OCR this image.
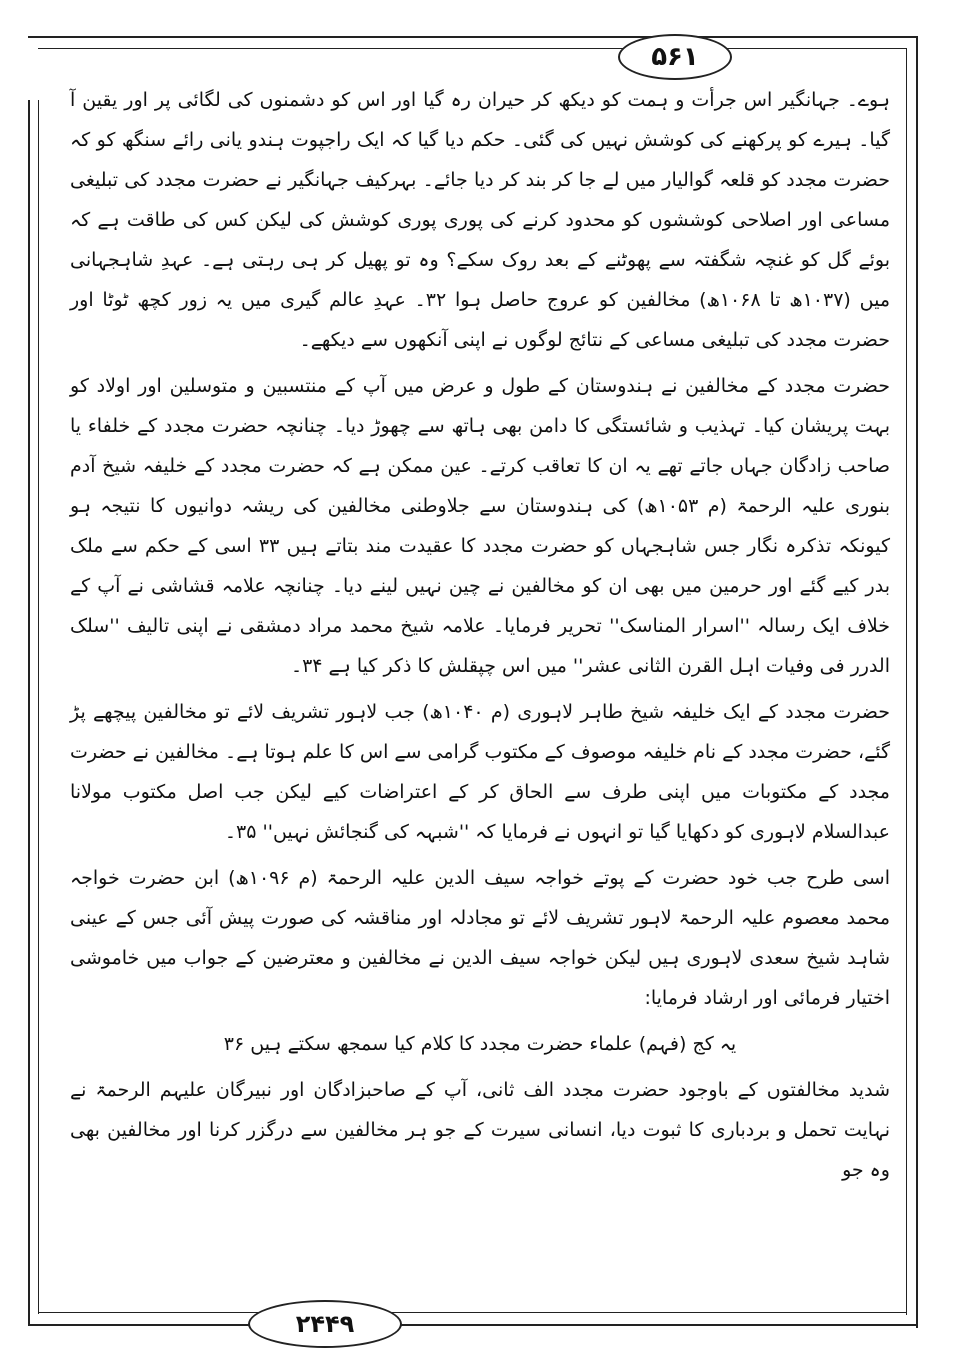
۵۶۱

ہوے۔ جہانگیر اس جرأت و ہمت کو دیکھ کر حیران رہ گیا اور اس کو دشمنوں کی لگائی پر اور یقین آ گیا۔ ہیرے کو پرکھنے کی کوشش نہیں کی گئی۔ حکم دیا گیا کہ ایک راجپوت ہندو یانی رائے سنگھ کو کہ حضرت مجدد کو قلعہ گوالیار میں لے جا کر بند کر دیا جائے۔ بہرکیف جہانگیر نے حضرت مجدد کی تبلیغی مساعی اور اصلاحی کوششوں کو محدود کرنے کی پوری پوری کوشش کی لیکن کس کی طاقت ہے کہ بوئے گل کو غنچہ شگفتہ سے پھوٹنے کے بعد روک سکے؟ وہ تو پھیل کر ہی رہتی ہے۔ عہدِ شاہجہانی میں (۱۰۳۷ھ تا ۱۰۶۸ھ) مخالفین کو عروج حاصل ہوا ۳۲۔ عہدِ عالم گیری میں یہ زور کچھ ٹوٹا اور حضرت مجدد کی تبلیغی مساعی کے نتائج لوگوں نے اپنی آنکھوں سے دیکھے۔

حضرت مجدد کے مخالفین نے ہندوستان کے طول و عرض میں آپ کے منتسبین و متوسلین اور اولاد کو بہت پریشان کیا۔ تہذیب و شائستگی کا دامن بھی ہاتھ سے چھوڑ دیا۔ چنانچہ حضرت مجدد کے خلفاء یا صاحب زادگان جہاں جاتے تھے یہ ان کا تعاقب کرتے۔ عین ممکن ہے کہ حضرت مجدد کے خلیفہ شیخ آدم بنوری علیہ الرحمۃ (م ۱۰۵۳ھ) کی ہندوستان سے جلاوطنی مخالفین کی ریشہ دوانیوں کا نتیجہ ہو کیونکہ تذکرہ نگار جس شاہجہاں کو حضرت مجدد کا عقیدت مند بتاتے ہیں ۳۳ اسی کے حکم سے ملک بدر کیے گئے اور حرمین میں بھی ان کو مخالفین نے چین نہیں لینے دیا۔ چنانچہ علامہ قشاشی نے آپ کے خلاف ایک رسالہ ''اسرار المناسک'' تحریر فرمایا۔ علامہ شیخ محمد مراد دمشقی نے اپنی تالیف ''سلک الدرر فی وفیات اہل القرن الثانی عشر'' میں اس چپقلش کا ذکر کیا ہے ۳۴۔

حضرت مجدد کے ایک خلیفہ شیخ طاہر لاہوری (م ۱۰۴۰ھ) جب لاہور تشریف لائے تو مخالفین پیچھے پڑ گئے، حضرت مجدد کے نام خلیفہ موصوف کے مکتوب گرامی سے اس کا علم ہوتا ہے۔ مخالفین نے حضرت مجدد کے مکتوبات میں اپنی طرف سے الحاق کر کے اعتراضات کیے لیکن جب اصل مکتوب مولانا عبدالسلام لاہوری کو دکھایا گیا تو انہوں نے فرمایا کہ ''شبہہ کی گنجائش نہیں'' ۳۵۔

اسی طرح جب خود حضرت کے پوتے خواجہ سیف الدین علیہ الرحمۃ (م ۱۰۹۶ھ) ابن حضرت خواجہ محمد معصوم علیہ الرحمۃ لاہور تشریف لائے تو مجادلہ اور مناقشہ کی صورت پیش آئی جس کے عینی شاہد شیخ سعدی لاہوری ہیں لیکن خواجہ سیف الدین نے مخالفین و معترضین کے جواب میں خاموشی اختیار فرمائی اور ارشاد فرمایا:

یہ کج (فہم) علماء حضرت مجدد کا کلام کیا سمجھ سکتے ہیں ۳۶

شدید مخالفتوں کے باوجود حضرت مجدد الف ثانی، آپ کے صاحبزادگان اور نبیرگان علیہم الرحمۃ نے نہایت تحمل و بردباری کا ثبوت دیا، انسانی سیرت کے جو ہر مخالفین سے درگزر کرنا اور مخالفین بھی وہ جو

۲۴۴۹
